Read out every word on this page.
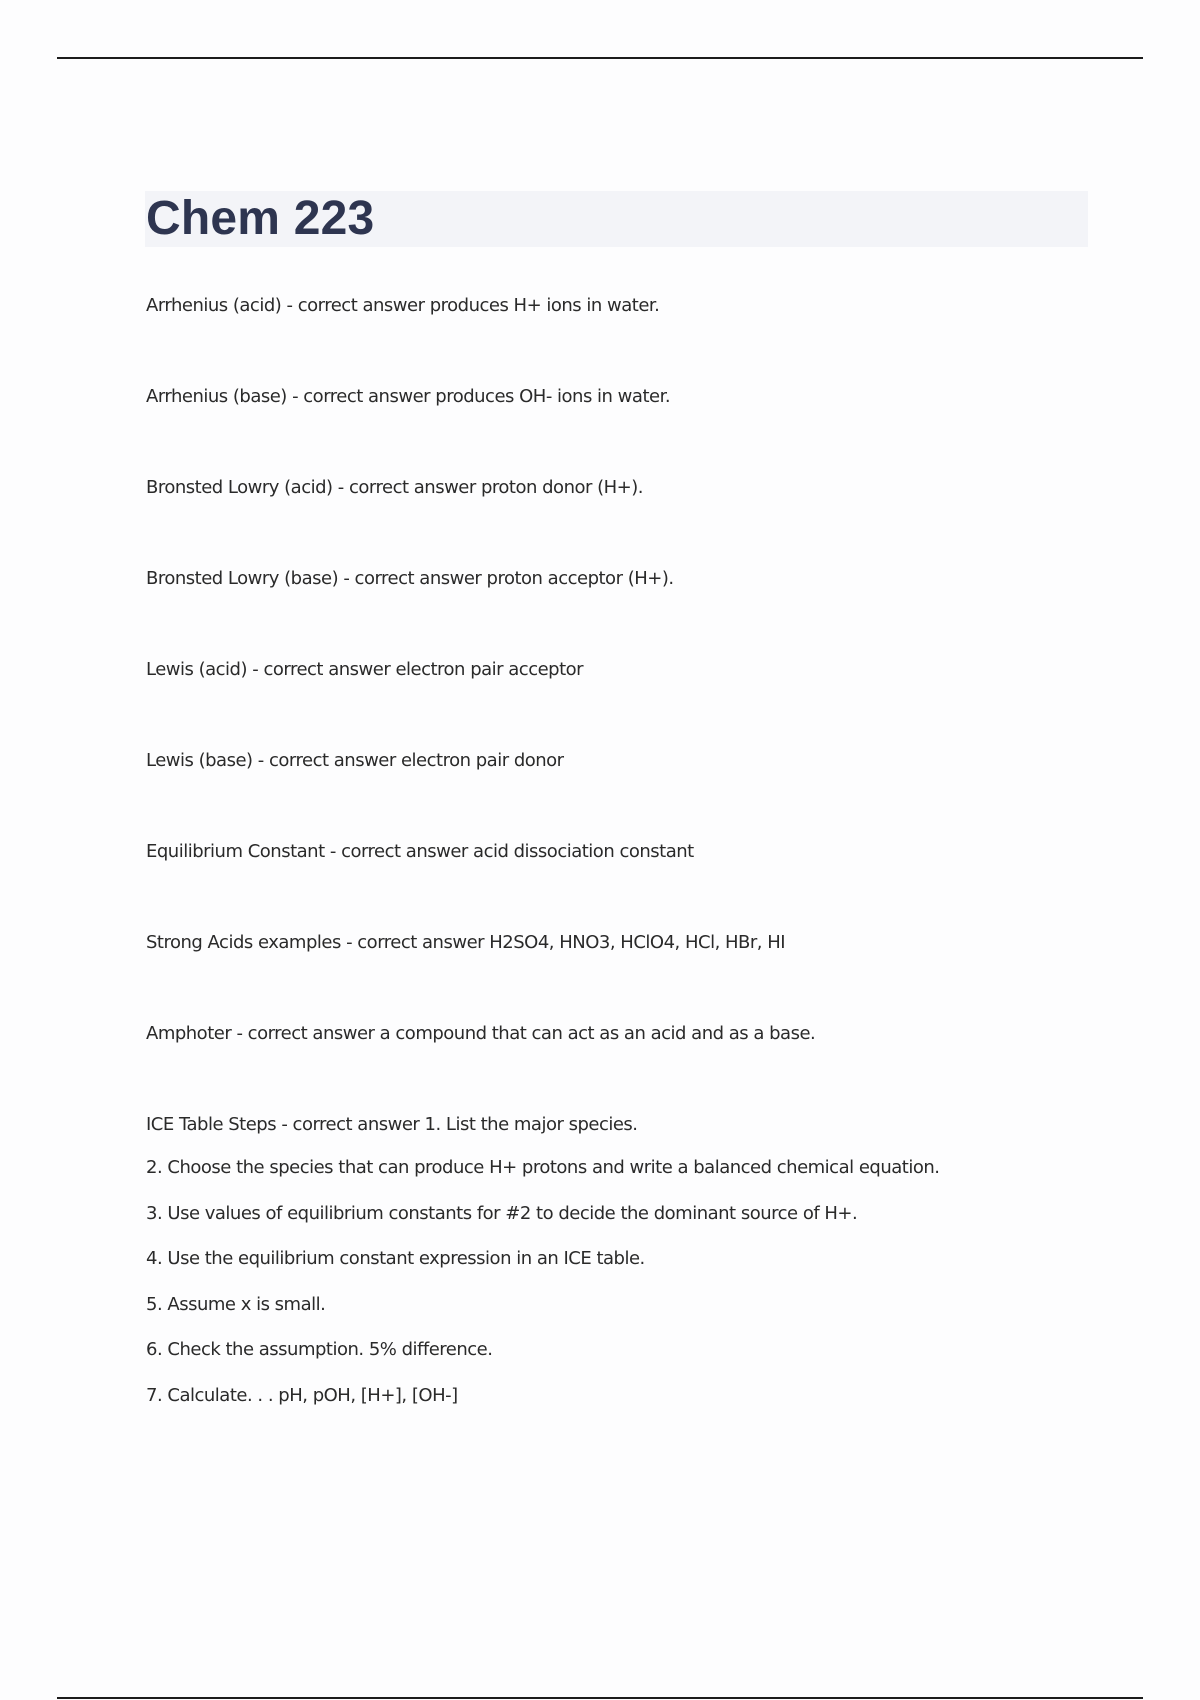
Chem 223

Arrhenius (acid) - correct answer produces H+ ions in water.

Arrhenius (base) - correct answer produces OH- ions in water.

Bronsted Lowry (acid) - correct answer proton donor (H+).

Bronsted Lowry (base) - correct answer proton acceptor (H+).

Lewis (acid) - correct answer electron pair acceptor

Lewis (base) - correct answer electron pair donor

Equilibrium Constant - correct answer acid dissociation constant

Strong Acids examples - correct answer H2SO4, HNO3, HClO4, HCl, HBr, HI

Amphoter - correct answer a compound that can act as an acid and as a base.

ICE Table Steps - correct answer 1. List the major species.

2. Choose the species that can produce H+ protons and write a balanced chemical equation.
3. Use values of equilibrium constants for #2 to decide the dominant source of H+.
4. Use the equilibrium constant expression in an ICE table.
5. Assume x is small.
6. Check the assumption. 5% difference.
7. Calculate. . . pH, pOH, [H+], [OH-]
